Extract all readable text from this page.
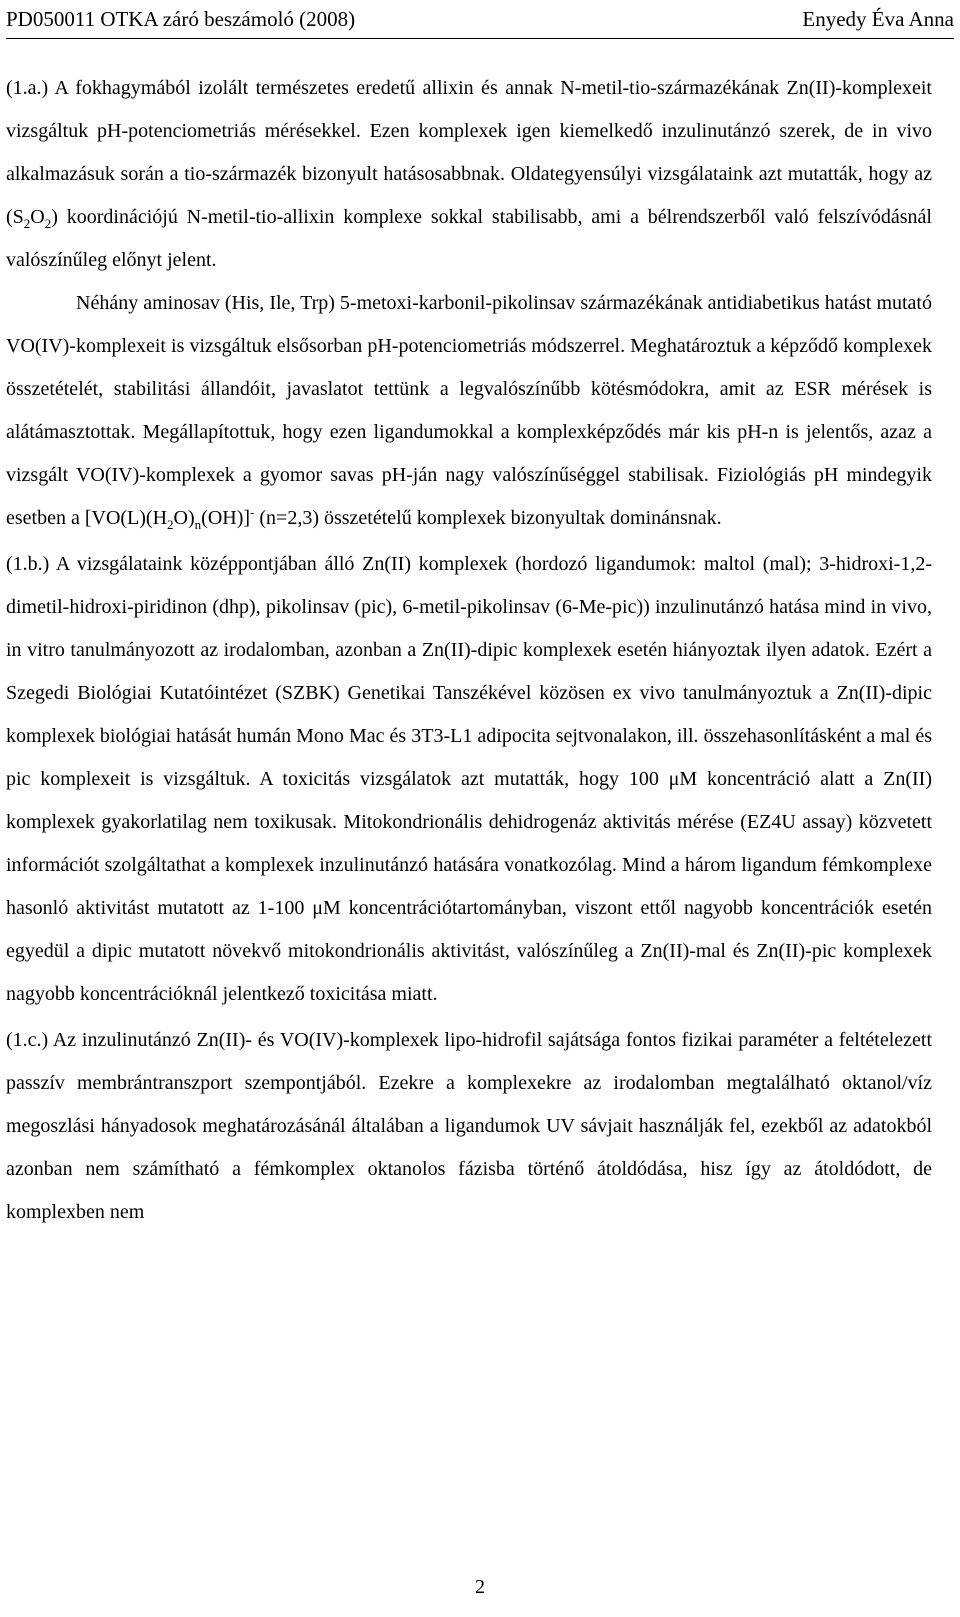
PD050011 OTKA záró beszámoló (2008)	Enyedy Éva Anna

(1.a.) A fokhagymából izolált természetes eredetű allixin és annak N-metil-tio-származékának Zn(II)-komplexeit vizsgáltuk pH-potenciometriás mérésekkel. Ezen komplexek igen kiemelkedő inzulinutánzó szerek, de in vivo alkalmazásuk során a tio-származék bizonyult hatásosabbnak. Oldategyensúlyi vizsgálataink azt mutatták, hogy az $(S_2O_2)$ koordinációjú N-metil-tio-allixin komplexe sokkal stabilisabb, ami a bélrendszerből való felszívódásnál valószínűleg előnyt jelent.

Néhány aminosav (His, Ile, Trp) 5-metoxi-karbonil-pikolinsav származékának antidiabetikus hatást mutató VO(IV)-komplexeit is vizsgáltuk elsősorban pH-potenciometriás módszerrel. Meghatároztuk a képződő komplexek összetételét, stabilitási állandóit, javaslatot tettünk a legvalószínűbb kötésmódokra, amit az ESR mérések is alátámasztottak. Megállapítottuk, hogy ezen ligandumokkal a komplexképződés már kis pH-n is jelentős, azaz a vizsgált VO(IV)-komplexek a gyomor savas pH-ján nagy valószínűséggel stabilisak. Fiziológiás pH mindegyik esetben a $[VO(L)(H_2O)_n(OH)]^-$ (n=2,3) összetételű komplexek bizonyultak dominánsnak.

(1.b.) A vizsgálataink középpontjában álló Zn(II) komplexek (hordozó ligandumok: maltol (mal); 3-hidroxi-1,2-dimetil-hidroxi-piridinon (dhp), pikolinsav (pic), 6-metil-pikolinsav (6-Me-pic)) inzulinutánzó hatása mind in vivo, in vitro tanulmányozott az irodalomban, azonban a Zn(II)-dipic komplexek esetén hiányoztak ilyen adatok. Ezért a Szegedi Biológiai Kutatóintézet (SZBK) Genetikai Tanszékével közösen ex vivo tanulmányoztuk a Zn(II)-dipic komplexek biológiai hatását humán Mono Mac és 3T3-L1 adipocita sejtvonalakon, ill. összehasonlításként a mal és pic komplexeit is vizsgáltuk. A toxicitás vizsgálatok azt mutatták, hogy 100 μM koncentráció alatt a Zn(II) komplexek gyakorlatilag nem toxikusak. Mitokondrionális dehidrogenáz aktivitás mérése (EZ4U assay) közvetett információt szolgáltathat a komplexek inzulinutánzó hatására vonatkozólag. Mind a három ligandum fémkomplexe hasonló aktivitást mutatott az 1-100 μM koncentrációtartományban, viszont ettől nagyobb koncentrációk esetén egyedül a dipic mutatott növekvő mitokondrionális aktivitást, valószínűleg a Zn(II)-mal és Zn(II)-pic komplexek nagyobb koncentrációknál jelentkező toxicitása miatt.

(1.c.) Az inzulinutánzó Zn(II)- és VO(IV)-komplexek lipo-hidrofil sajátsága fontos fizikai paraméter a feltételezett passzív membrántranszport szempontjából. Ezekre a komplexekre az irodalomban megtalálható oktanol/víz megoszlási hányadosok meghatározásánál általában a ligandumok UV sávjait használják fel, ezekből az adatokból azonban nem számítható a fémkomplex oktanolos fázisba történő átoldódása, hisz így az átoldódott, de komplexben nem

2
